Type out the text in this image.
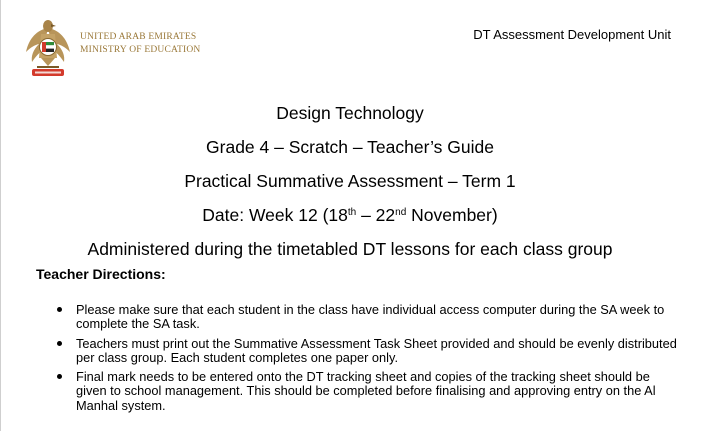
UNITED ARAB EMIRATES
MINISTRY OF EDUCATION
DT Assessment Development Unit
Design Technology
Grade 4 – Scratch – Teacher’s Guide
Practical Summative Assessment – Term 1
Date: Week 12 (18th – 22nd November)
Administered during the timetabled DT lessons for each class group
Teacher Directions:
Please make sure that each student in the class have individual access computer during the SA week to complete the SA task.
Teachers must print out the Summative Assessment Task Sheet provided and should be evenly distributed per class group. Each student completes one paper only.
Final mark needs to be entered onto the DT tracking sheet and copies of the tracking sheet should be given to school management. This should be completed before finalising and approving entry on the Al Manhal system.
